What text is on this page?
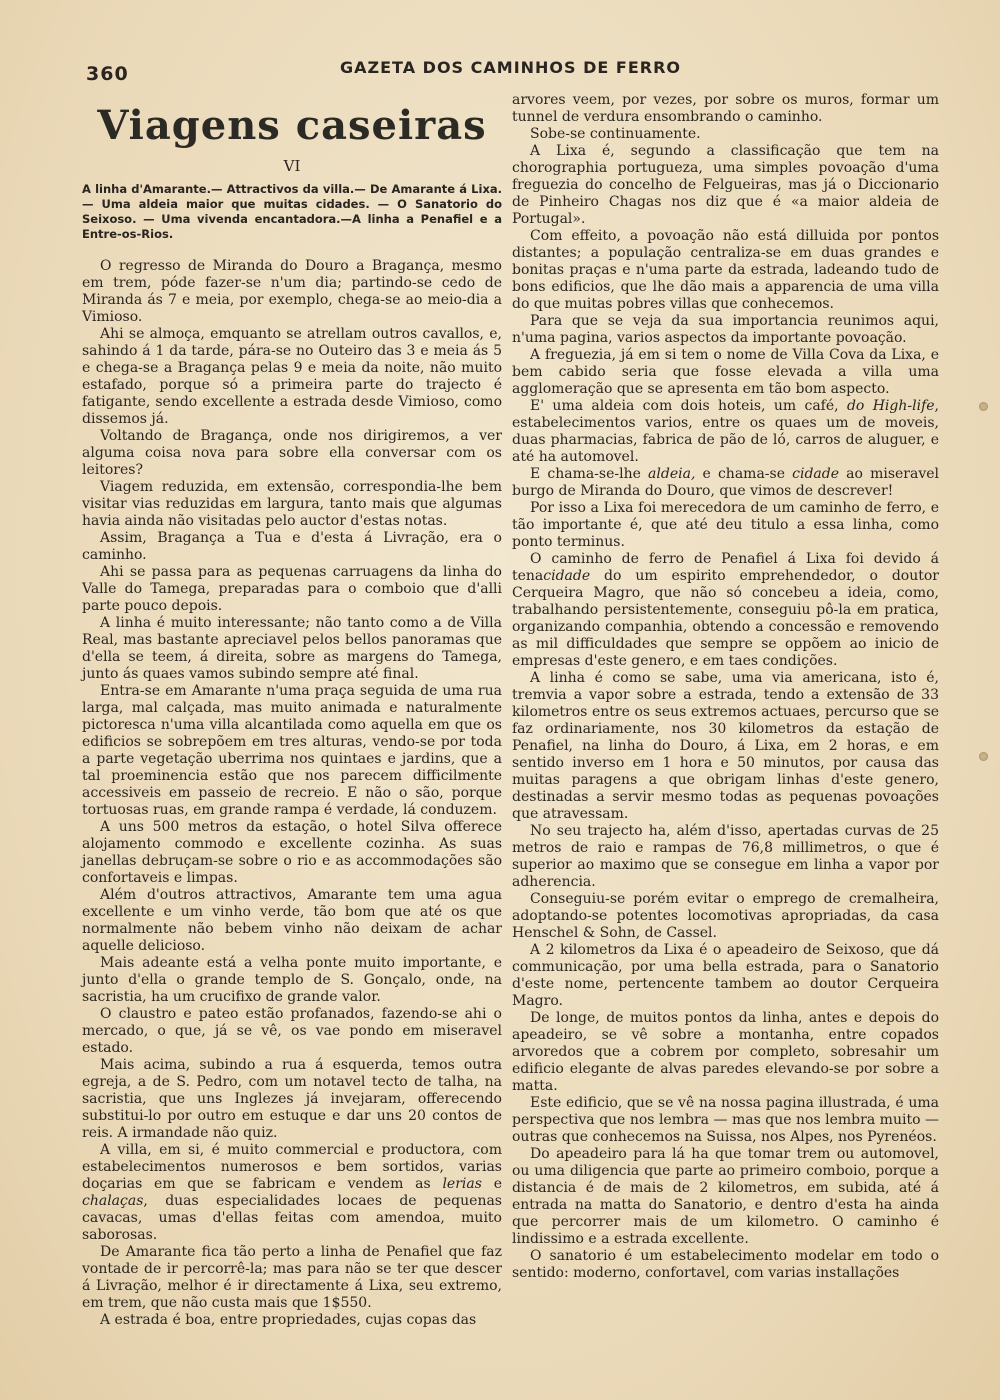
360	GAZETA DOS CAMINHOS DE FERRO
Viagens caseiras
VI
A linha d'Amarante.— Attractivos da villa.— De Amarante á Lixa. — Uma aldeia maior que muitas cidades. — O Sanatorio do Seixoso. — Uma vivenda encantadora.—A linha a Penafiel e a Entre-os-Rios.

O regresso de Miranda do Douro a Bragança, mesmo em trem, póde fazer-se n'um dia; partindo-se cedo de Miranda ás 7 e meia, por exemplo, chega-se ao meio-dia a Vimioso.

Ahi se almoça, emquanto se atrellam outros cavallos, e, sahindo á 1 da tarde, pára-se no Outeiro das 3 e meia ás 5 e chega-se a Bragança pelas 9 e meia da noite, não muito estafado, porque só a primeira parte do trajecto é fatigante, sendo excellente a estrada desde Vimioso, como dissemos já.

Voltando de Bragança, onde nos dirigiremos, a ver alguma coisa nova para sobre ella conversar com os leitores?

Viagem reduzida, em extensão, correspondia-lhe bem visitar vias reduzidas em largura, tanto mais que algumas havia ainda não visitadas pelo auctor d'estas notas.

Assim, Bragança a Tua e d'esta á Livração, era o caminho.

Ahi se passa para as pequenas carruagens da linha do Valle do Tamega, preparadas para o comboio que d'alli parte pouco depois.

A linha é muito interessante; não tanto como a de Villa Real, mas bastante apreciavel pelos bellos panoramas que d'ella se teem, á direita, sobre as margens do Tamega, junto ás quaes vamos subindo sempre até final.

Entra-se em Amarante n'uma praça seguida de uma rua larga, mal calçada, mas muito animada e naturalmente pictoresca n'uma villa alcantilada como aquella em que os edificios se sobrepõem em tres alturas, vendo-se por toda a parte vegetação uberrima nos quintaes e jardins, que a tal proeminencia estão que nos parecem difficilmente accessiveis em passeio de recreio. E não o são, porque tortuosas ruas, em grande rampa é verdade, lá conduzem.

A uns 500 metros da estação, o hotel Silva offerece alojamento commodo e excellente cozinha. As suas janellas debruçam-se sobre o rio e as accommodações são confortaveis e limpas.

Além d'outros attractivos, Amarante tem uma agua excellente e um vinho verde, tão bom que até os que normalmente não bebem vinho não deixam de achar aquelle delicioso.

Mais adeante está a velha ponte muito importante, e junto d'ella o grande templo de S. Gonçalo, onde, na sacristia, ha um crucifixo de grande valor.

O claustro e pateo estão profanados, fazendo-se ahi o mercado, o que, já se vê, os vae pondo em miseravel estado.

Mais acima, subindo a rua á esquerda, temos outra egreja, a de S. Pedro, com um notavel tecto de talha, na sacristia, que uns Inglezes já invejaram, offerecendo substitui-lo por outro em estuque e dar uns 20 contos de reis. A irmandade não quiz.

A villa, em si, é muito commercial e productora, com estabelecimentos numerosos e bem sortidos, varias doçarias em que se fabricam e vendem as lerias e chalaças, duas especialidades locaes de pequenas cavacas, umas d'ellas feitas com amendoa, muito saborosas.

De Amarante fica tão perto a linha de Penafiel que faz vontade de ir percorrê-la; mas para não se ter que descer á Livração, melhor é ir directamente á Lixa, seu extremo, em trem, que não custa mais que 1$550.

A estrada é boa, entre propriedades, cujas copas das

arvores veem, por vezes, por sobre os muros, formar um tunnel de verdura ensombrando o caminho.

Sobe-se continuamente.

A Lixa é, segundo a classificação que tem na chorographia portugueza, uma simples povoação d'uma freguezia do concelho de Felgueiras, mas já o Diccionario de Pinheiro Chagas nos diz que é «a maior aldeia de Portugal».

Com effeito, a povoação não está dilluida por pontos distantes; a população centraliza-se em duas grandes e bonitas praças e n'uma parte da estrada, ladeando tudo de bons edificios, que lhe dão mais a apparencia de uma villa do que muitas pobres villas que conhecemos.

Para que se veja da sua importancia reunimos aqui, n'uma pagina, varios aspectos da importante povoação.

A freguezia, já em si tem o nome de Villa Cova da Lixa, e bem cabido seria que fosse elevada a villa uma agglomeração que se apresenta em tão bom aspecto.

E' uma aldeia com dois hoteis, um café, do High-life, estabelecimentos varios, entre os quaes um de moveis, duas pharmacias, fabrica de pão de ló, carros de aluguer, e até ha automovel.

E chama-se-lhe aldeia, e chama-se cidade ao miseravel burgo de Miranda do Douro, que vimos de descrever!

Por isso a Lixa foi merecedora de um caminho de ferro, e tão importante é, que até deu titulo a essa linha, como ponto terminus.

O caminho de ferro de Penafiel á Lixa foi devido á tenacidade do um espirito emprehendedor, o doutor Cerqueira Magro, que não só concebeu a ideia, como, trabalhando persistentemente, conseguiu pô-la em pratica, organizando companhia, obtendo a concessão e removendo as mil difficuldades que sempre se oppõem ao inicio de empresas d'este genero, e em taes condições.

A linha é como se sabe, uma via americana, isto é, tremvia a vapor sobre a estrada, tendo a extensão de 33 kilometros entre os seus extremos actuaes, percurso que se faz ordinariamente, nos 30 kilometros da estação de Penafiel, na linha do Douro, á Lixa, em 2 horas, e em sentido inverso em 1 hora e 50 minutos, por causa das muitas paragens a que obrigam linhas d'este genero, destinadas a servir mesmo todas as pequenas povoações que atravessam.

No seu trajecto ha, além d'isso, apertadas curvas de 25 metros de raio e rampas de 76,8 millimetros, o que é superior ao maximo que se consegue em linha a vapor por adherencia.

Conseguiu-se porém evitar o emprego de cremalheira, adoptando-se potentes locomotivas apropriadas, da casa Henschel & Sohn, de Cassel.

A 2 kilometros da Lixa é o apeadeiro de Seixoso, que dá communicação, por uma bella estrada, para o Sanatorio d'este nome, pertencente tambem ao doutor Cerqueira Magro.

De longe, de muitos pontos da linha, antes e depois do apeadeiro, se vê sobre a montanha, entre copados arvoredos que a cobrem por completo, sobresahir um edificio elegante de alvas paredes elevando-se por sobre a matta.

Este edificio, que se vê na nossa pagina illustrada, é uma perspectiva que nos lembra — mas que nos lembra muito — outras que conhecemos na Suissa, nos Alpes, nos Pyrenéos.

Do apeadeiro para lá ha que tomar trem ou automovel, ou uma diligencia que parte ao primeiro comboio, porque a distancia é de mais de 2 kilometros, em subida, até á entrada na matta do Sanatorio, e dentro d'esta ha ainda que percorrer mais de um kilometro. O caminho é lindissimo e a estrada excellente.

O sanatorio é um estabelecimento modelar em todo o sentido: moderno, confortavel, com varias installações
